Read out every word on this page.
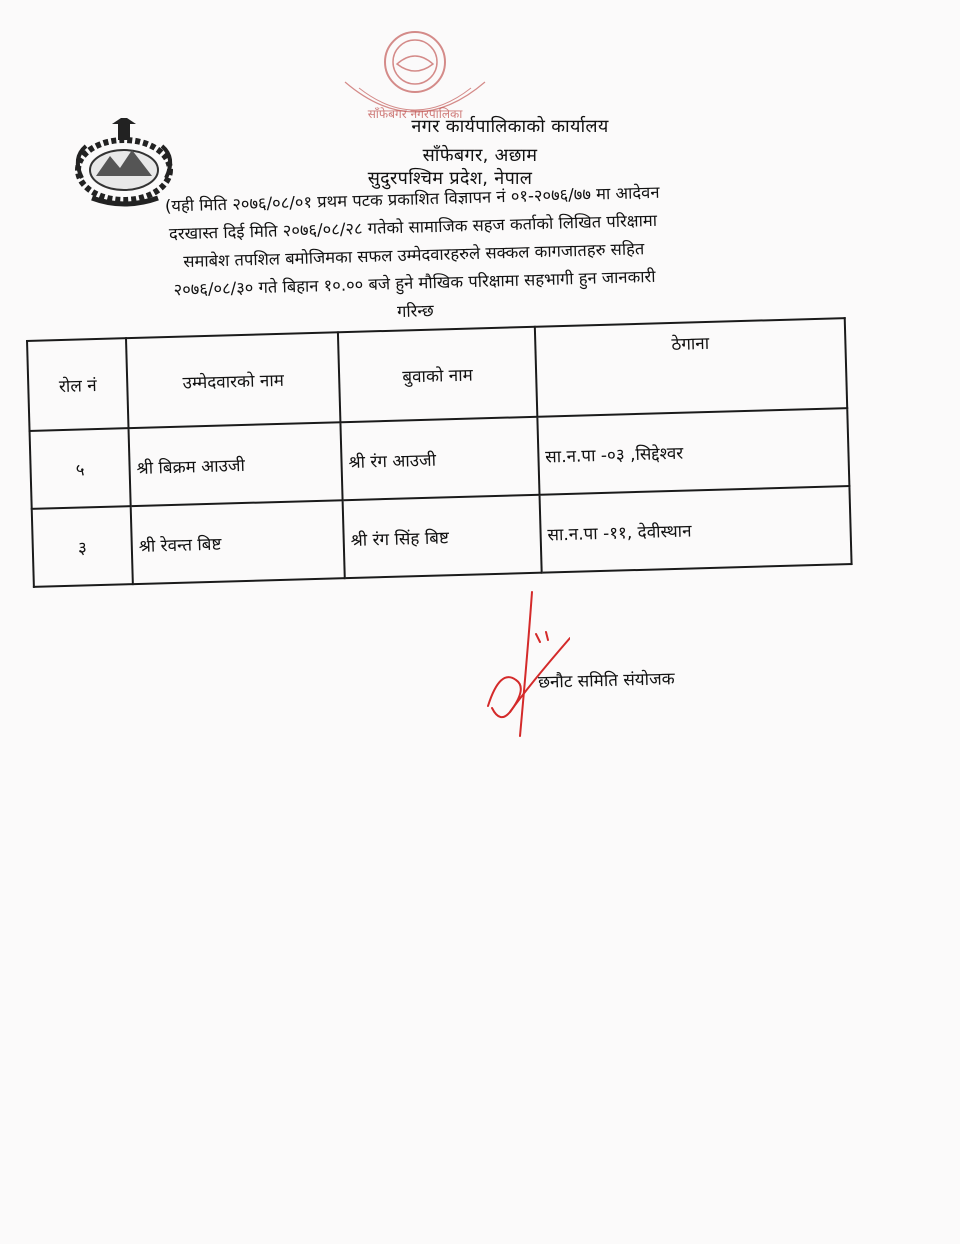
साँफेबगर नगरपालिका
नगर कार्यपालिकाको कार्यालय
साँफेबगर, अछाम
सुदुरपश्चिम प्रदेश, नेपाल
(यही मिति २०७६/०८/०१ प्रथम पटक प्रकाशित विज्ञापन नं ०१-२०७६/७७ मा आदेवन
दरखास्त दिई मिति २०७६/०८/२८ गतेको सामाजिक सहज कर्ताको लिखित परिक्षामा
समाबेश तपशिल बमोजिमका सफल उम्मेदवारहरुले सक्कल कागजातहरु सहित
२०७६/०८/३० गते बिहान १०.०० बजे हुने मौखिक परिक्षामा सहभागी हुन जानकारी
गरिन्छ
रोल नं	उम्मेदवारको नाम	बुवाको नाम	ठेगाना
५	श्री बिक्रम आउजी	श्री रंग आउजी	सा.न.पा -०३ ,सिद्देश्वर
३	श्री रेवन्त बिष्ट	श्री रंग सिंह बिष्ट	सा.न.पा -११, देवीस्थान
छनौट समिति संयोजक
